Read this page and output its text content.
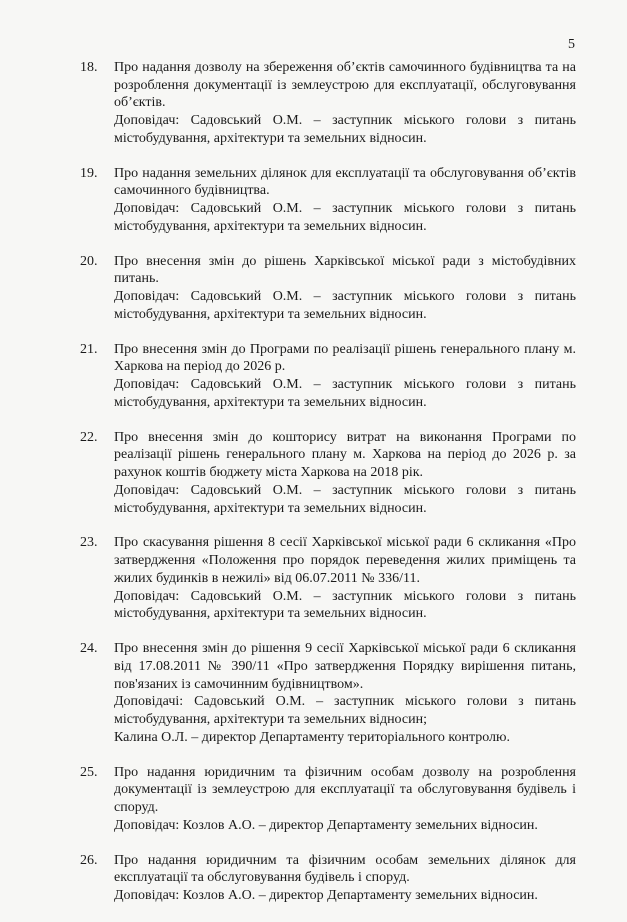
5
18.	Про надання дозволу на збереження об’єктів самочинного будівництва та на розроблення документації із землеустрою для експлуатації, обслуговування об’єктів.
Доповідач: Садовський О.М. – заступник міського голови з питань містобудування, архітектури та земельних відносин.
19.	Про надання земельних ділянок для експлуатації та обслуговування об’єктів самочинного будівництва.
Доповідач: Садовський О.М. – заступник міського голови з питань містобудування, архітектури та земельних відносин.
20.	Про внесення змін до рішень Харківської міської ради з містобудівних питань.
Доповідач: Садовський О.М. – заступник міського голови з питань містобудування, архітектури та земельних відносин.
21.	Про внесення змін до Програми по реалізації рішень генерального плану м. Харкова на період до 2026 р.
Доповідач: Садовський О.М. – заступник міського голови з питань містобудування, архітектури та земельних відносин.
22.	Про внесення змін до кошторису витрат на виконання Програми по реалізації рішень генерального плану м. Харкова на період до 2026 р. за рахунок коштів бюджету міста Харкова на 2018 рік.
Доповідач: Садовський О.М. – заступник міського голови з питань містобудування, архітектури та земельних відносин.
23.	Про скасування рішення 8 сесії Харківської міської ради 6 скликання «Про затвердження «Положення про порядок переведення жилих приміщень та жилих будинків в нежилі» від 06.07.2011 № 336/11.
Доповідач: Садовський О.М. – заступник міського голови з питань містобудування, архітектури та земельних відносин.
24.	Про внесення змін до рішення 9 сесії Харківської міської ради 6 скликання від 17.08.2011 № 390/11 «Про затвердження Порядку вирішення питань, пов'язаних із самочинним будівництвом».
Доповідачі: Садовський О.М. – заступник міського голови з питань містобудування, архітектури та земельних відносин;
Калина О.Л. – директор Департаменту територіального контролю.
25.	Про надання юридичним та фізичним особам дозволу на розроблення документації із землеустрою для експлуатації та обслуговування будівель і споруд.
Доповідач: Козлов А.О. – директор Департаменту земельних відносин.
26.	Про надання юридичним та фізичним особам земельних ділянок для експлуатації та обслуговування будівель і споруд.
Доповідач: Козлов А.О. – директор Департаменту земельних відносин.
